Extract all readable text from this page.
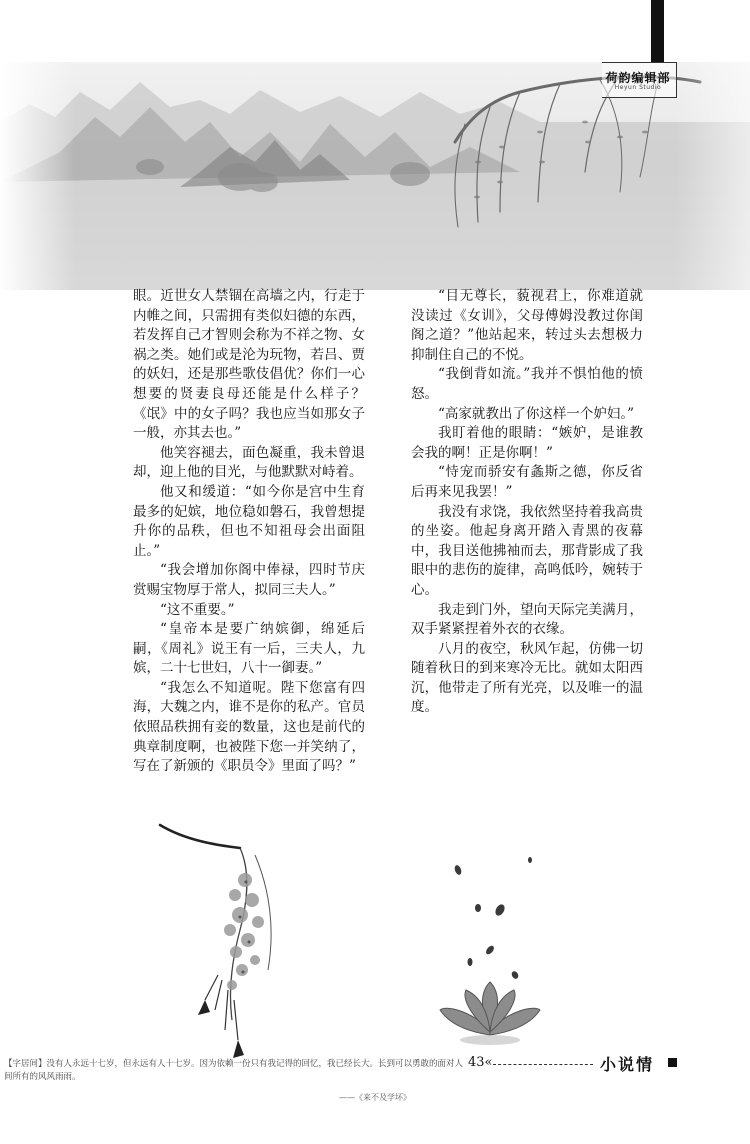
荷韵编辑部
Heyun Studio

眼。近世女人禁锢在高墙之内，行走于内帷之间，只需拥有类似妇德的东西，若发挥自己才智则会称为不祥之物、女祸之类。她们或是沦为玩物，若吕、贾的妖妇，还是那些歌伎倡优？你们一心想要的贤妻良母还能是什么样子？《氓》中的女子吗？我也应当如那女子一般，亦其去也。”

他笑容褪去，面色凝重，我未曾退却，迎上他的目光，与他默默对峙着。

他又和缓道：“如今你是宫中生育最多的妃嫔，地位稳如磐石，我曾想提升你的品秩，但也不知祖母会出面阻止。”

“我会增加你阁中俸禄，四时节庆赏赐宝物厚于常人，拟同三夫人。”

“这不重要。”

“皇帝本是要广纳嫔御，绵延后嗣，《周礼》说王有一后，三夫人，九嫔，二十七世妇，八十一御妻。”

“我怎么不知道呢。陛下您富有四海，大魏之内，谁不是你的私产。官员依照品秩拥有妾的数量，这也是前代的典章制度啊，也被陛下您一并笑纳了，写在了新颁的《职员令》里面了吗？”

“目无尊长，藐视君上，你难道就没读过《女训》，父母傅姆没教过你闺阁之道？”他站起来，转过头去想极力抑制住自己的不悦。

“我倒背如流。”我并不惧怕他的愤怒。

“高家就教出了你这样一个妒妇。”

我盯着他的眼睛：“嫉妒，是谁教会我的啊！正是你啊！”

“恃宠而骄安有螽斯之德，你反省后再来见我罢！”

我没有求饶，我依然坚持着我高贵的坐姿。他起身离开踏入青黑的夜幕中，我目送他拂袖而去，那背影成了我眼中的悲伤的旋律，高鸣低吟，婉转于心。

我走到门外，望向天际完美满月，双手紧紧捏着外衣的衣缘。

八月的夜空，秋风乍起，仿佛一切随着秋日的到来寒冷无比。就如太阳西沉，他带走了所有光亮，以及唯一的温度。

【字居间】没有人永远十七岁，但永远有人十七岁。因为依赖一份只有我记得的回忆，我已经长大。长到可以勇敢的面对人间所有的风风雨雨。
43«	小说情
——《来不及学坏》
